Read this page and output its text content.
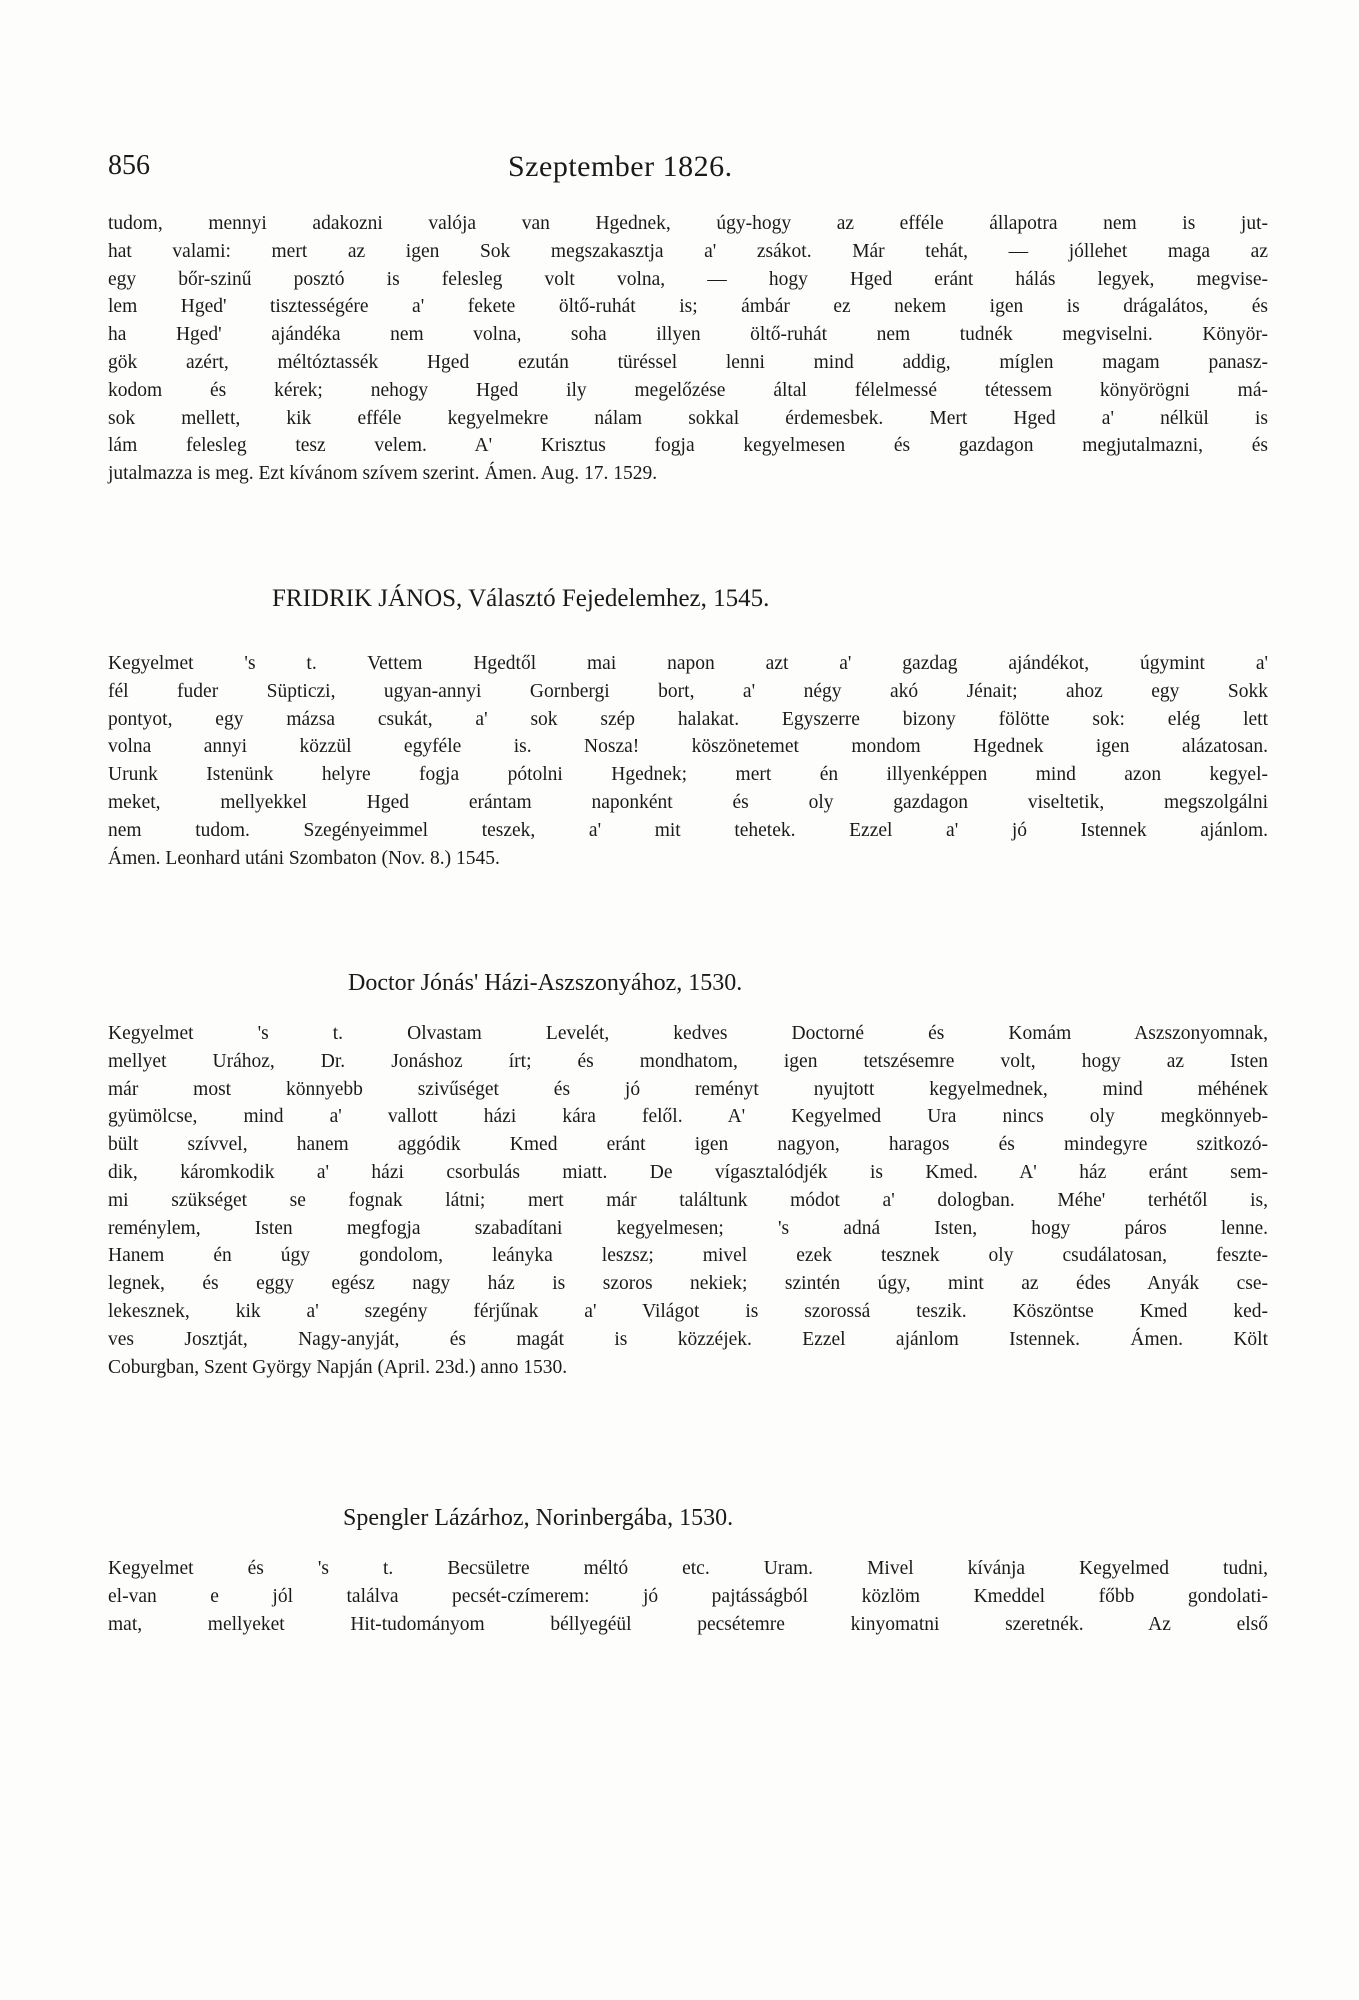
856	Szeptember 1826.
tudom, mennyi adakozni valója van Hgednek, úgy-hogy az efféle állapotra nem is jut-
hat valami: mert az igen Sok megszakasztja a' zsákot. Már tehát, — jóllehet maga az
egy bőr-szinű posztó is felesleg volt volna, — hogy Hged eránt hálás legyek, megvise-
lem Hged' tisztességére a' fekete öltő-ruhát is; ámbár ez nekem igen is drágalátos, és
ha Hged' ajándéka nem volna, soha illyen öltő-ruhát nem tudnék megviselni. Könyör-
gök azért, méltóztassék Hged ezután türéssel lenni mind addig, míglen magam panasz-
kodom és kérek; nehogy Hged ily megelőzése által félelmessé tétessem könyörögni má-
sok mellett, kik efféle kegyelmekre nálam sokkal érdemesbek. Mert Hged a' nélkül is
lám felesleg tesz velem. A' Krisztus fogja kegyelmesen és gazdagon megjutalmazni, és
jutalmazza is meg. Ezt kívánom szívem szerint. Ámen. Aug. 17. 1529.
FRIDRIK JÁNOS, Választó Fejedelemhez, 1545.
Kegyelmet 's t. Vettem Hgedtől mai napon azt a' gazdag ajándékot, úgymint a'
fél fuder Süpticzi, ugyan-annyi Gornbergi bort, a' négy akó Jénait; ahoz egy Sokk
pontyot, egy mázsa csukát, a' sok szép halakat. Egyszerre bizony fölötte sok: elég lett
volna annyi közzül egyféle is. Nosza! köszönetemet mondom Hgednek igen alázatosan.
Urunk Istenünk helyre fogja pótolni Hgednek; mert én illyenképpen mind azon kegyel-
meket, mellyekkel Hged erántam naponként és oly gazdagon viseltetik, megszolgálni
nem tudom. Szegényeimmel teszek, a' mit tehetek. Ezzel a' jó Istennek ajánlom.
Ámen. Leonhard utáni Szombaton (Nov. 8.) 1545.
Doctor Jónás' Házi-Aszszonyához, 1530.
Kegyelmet 's t. Olvastam Levelét, kedves Doctorné és Komám Aszszonyomnak,
mellyet Urához, Dr. Jonáshoz írt; és mondhatom, igen tetszésemre volt, hogy az Isten
már most könnyebb szivűséget és jó reményt nyujtott kegyelmednek, mind méhének
gyümölcse, mind a' vallott házi kára felől. A' Kegyelmed Ura nincs oly megkönnyeb-
bült szívvel, hanem aggódik Kmed eránt igen nagyon, haragos és mindegyre szitkozó-
dik, káromkodik a' házi csorbulás miatt. De vígasztalódjék is Kmed. A' ház eránt sem-
mi szükséget se fognak látni; mert már találtunk módot a' dologban. Méhe' terhétől is,
reménylem, Isten megfogja szabadítani kegyelmesen; 's adná Isten, hogy páros lenne.
Hanem én úgy gondolom, leányka leszsz; mivel ezek tesznek oly csudálatosan, feszte-
legnek, és eggy egész nagy ház is szoros nekiek; szintén úgy, mint az édes Anyák cse-
lekesznek, kik a' szegény férjűnak a' Világot is szorossá teszik. Köszöntse Kmed ked-
ves Josztját, Nagy-anyját, és magát is közzéjek. Ezzel ajánlom Istennek. Ámen. Költ
Coburgban, Szent György Napján (April. 23d.) anno 1530.
Spengler Lázárhoz, Norinbergába, 1530.
Kegyelmet és 's t. Becsületre méltó etc. Uram. Mivel kívánja Kegyelmed tudni,
el-van e jól találva pecsét-czímerem: jó pajtásságból közlöm Kmeddel főbb gondolati-
mat, mellyeket Hit-tudományom béllyegéül pecsétemre kinyomatni szeretnék. Az első
